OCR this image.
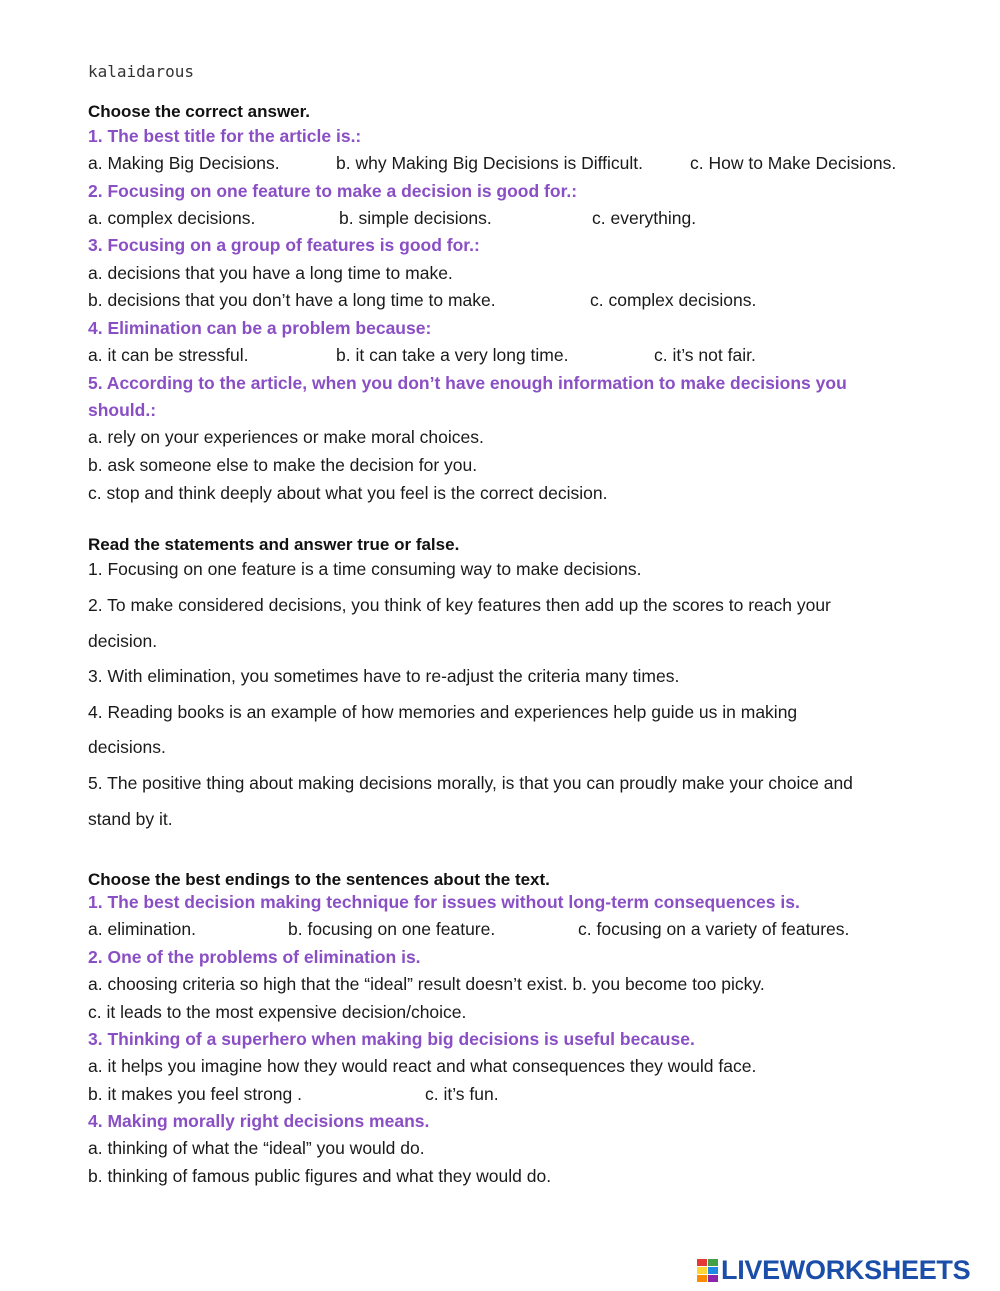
kalaidarous
Choose the correct answer.
1. The best title for the article is.:
a. Making Big Decisions.	b. why Making Big Decisions is Difficult.	c. How to Make Decisions.
2. Focusing on one feature to make a decision is good for.:
a. complex decisions.	b. simple decisions.	c. everything.
3. Focusing on a group of features is good for.:
a. decisions that you have a long time to make.
b. decisions that you don’t have a long time to make.	c. complex decisions.
4. Elimination can be a problem because:
a. it can be stressful.	b. it can take a very long time.	c. it’s not fair.
5. According to the article, when you don’t have enough information to make decisions you
should.:
a. rely on your experiences or make moral choices.
b. ask someone else to make the decision for you.
c. stop and think deeply about what you feel is the correct decision.
Read the statements and answer true or false.
1. Focusing on one feature is a time consuming way to make decisions.
2. To make considered decisions, you think of key features then add up the scores to reach your
decision.
3. With elimination, you sometimes have to re-adjust the criteria many times.
4. Reading books is an example of how memories and experiences help guide us in making
decisions.
5. The positive thing about making decisions morally, is that you can proudly make your choice and
stand by it.
Choose the best endings to the sentences about the text.
1. The best decision making technique for issues without long-term consequences is.
a. elimination.	b. focusing on one feature.	c. focusing on a variety of features.
2. One of the problems of elimination is.
a. choosing criteria so high that the “ideal” result doesn’t exist. b. you become too picky.
c. it leads to the most expensive decision/choice.
3. Thinking of a superhero when making big decisions is useful because.
a. it helps you imagine how they would react and what consequences they would face.
b. it makes you feel strong .	c. it’s fun.
4. Making morally right decisions means.
a. thinking of what the “ideal” you would do.
b. thinking of famous public figures and what they would do.
LIVEWORKSHEETS
